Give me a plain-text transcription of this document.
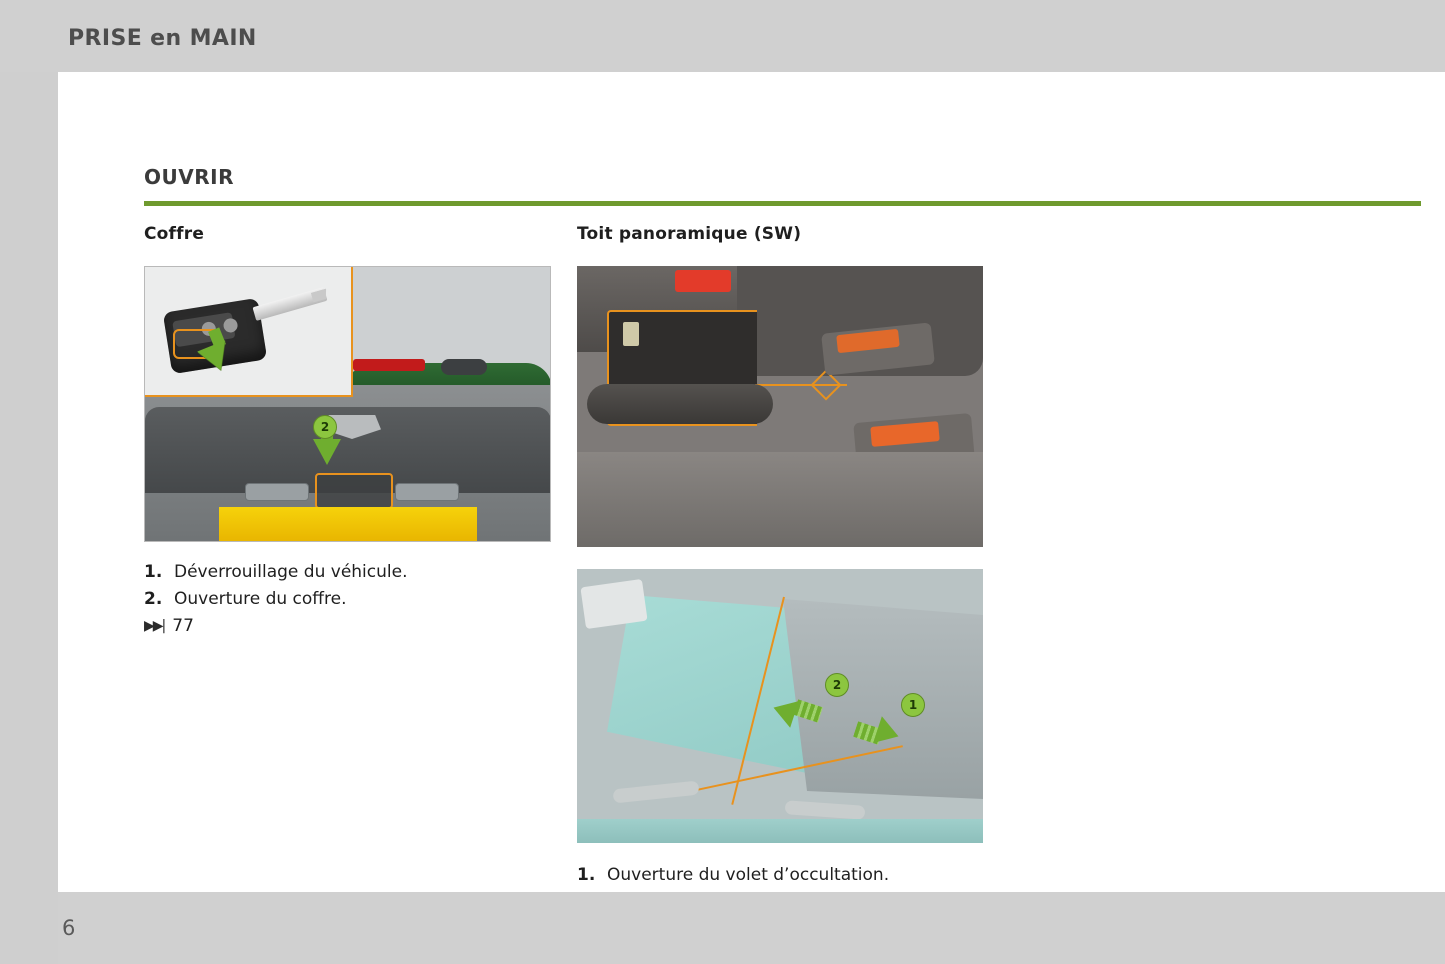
PRISE en MAIN
OUVRIR
Coffre
2
1. Déverrouillage du véhicule.
2. Ouverture du coffre.
▶▶| 77
Toit panoramique (SW)
2
1
1. Ouverture du volet d’occultation.
6
